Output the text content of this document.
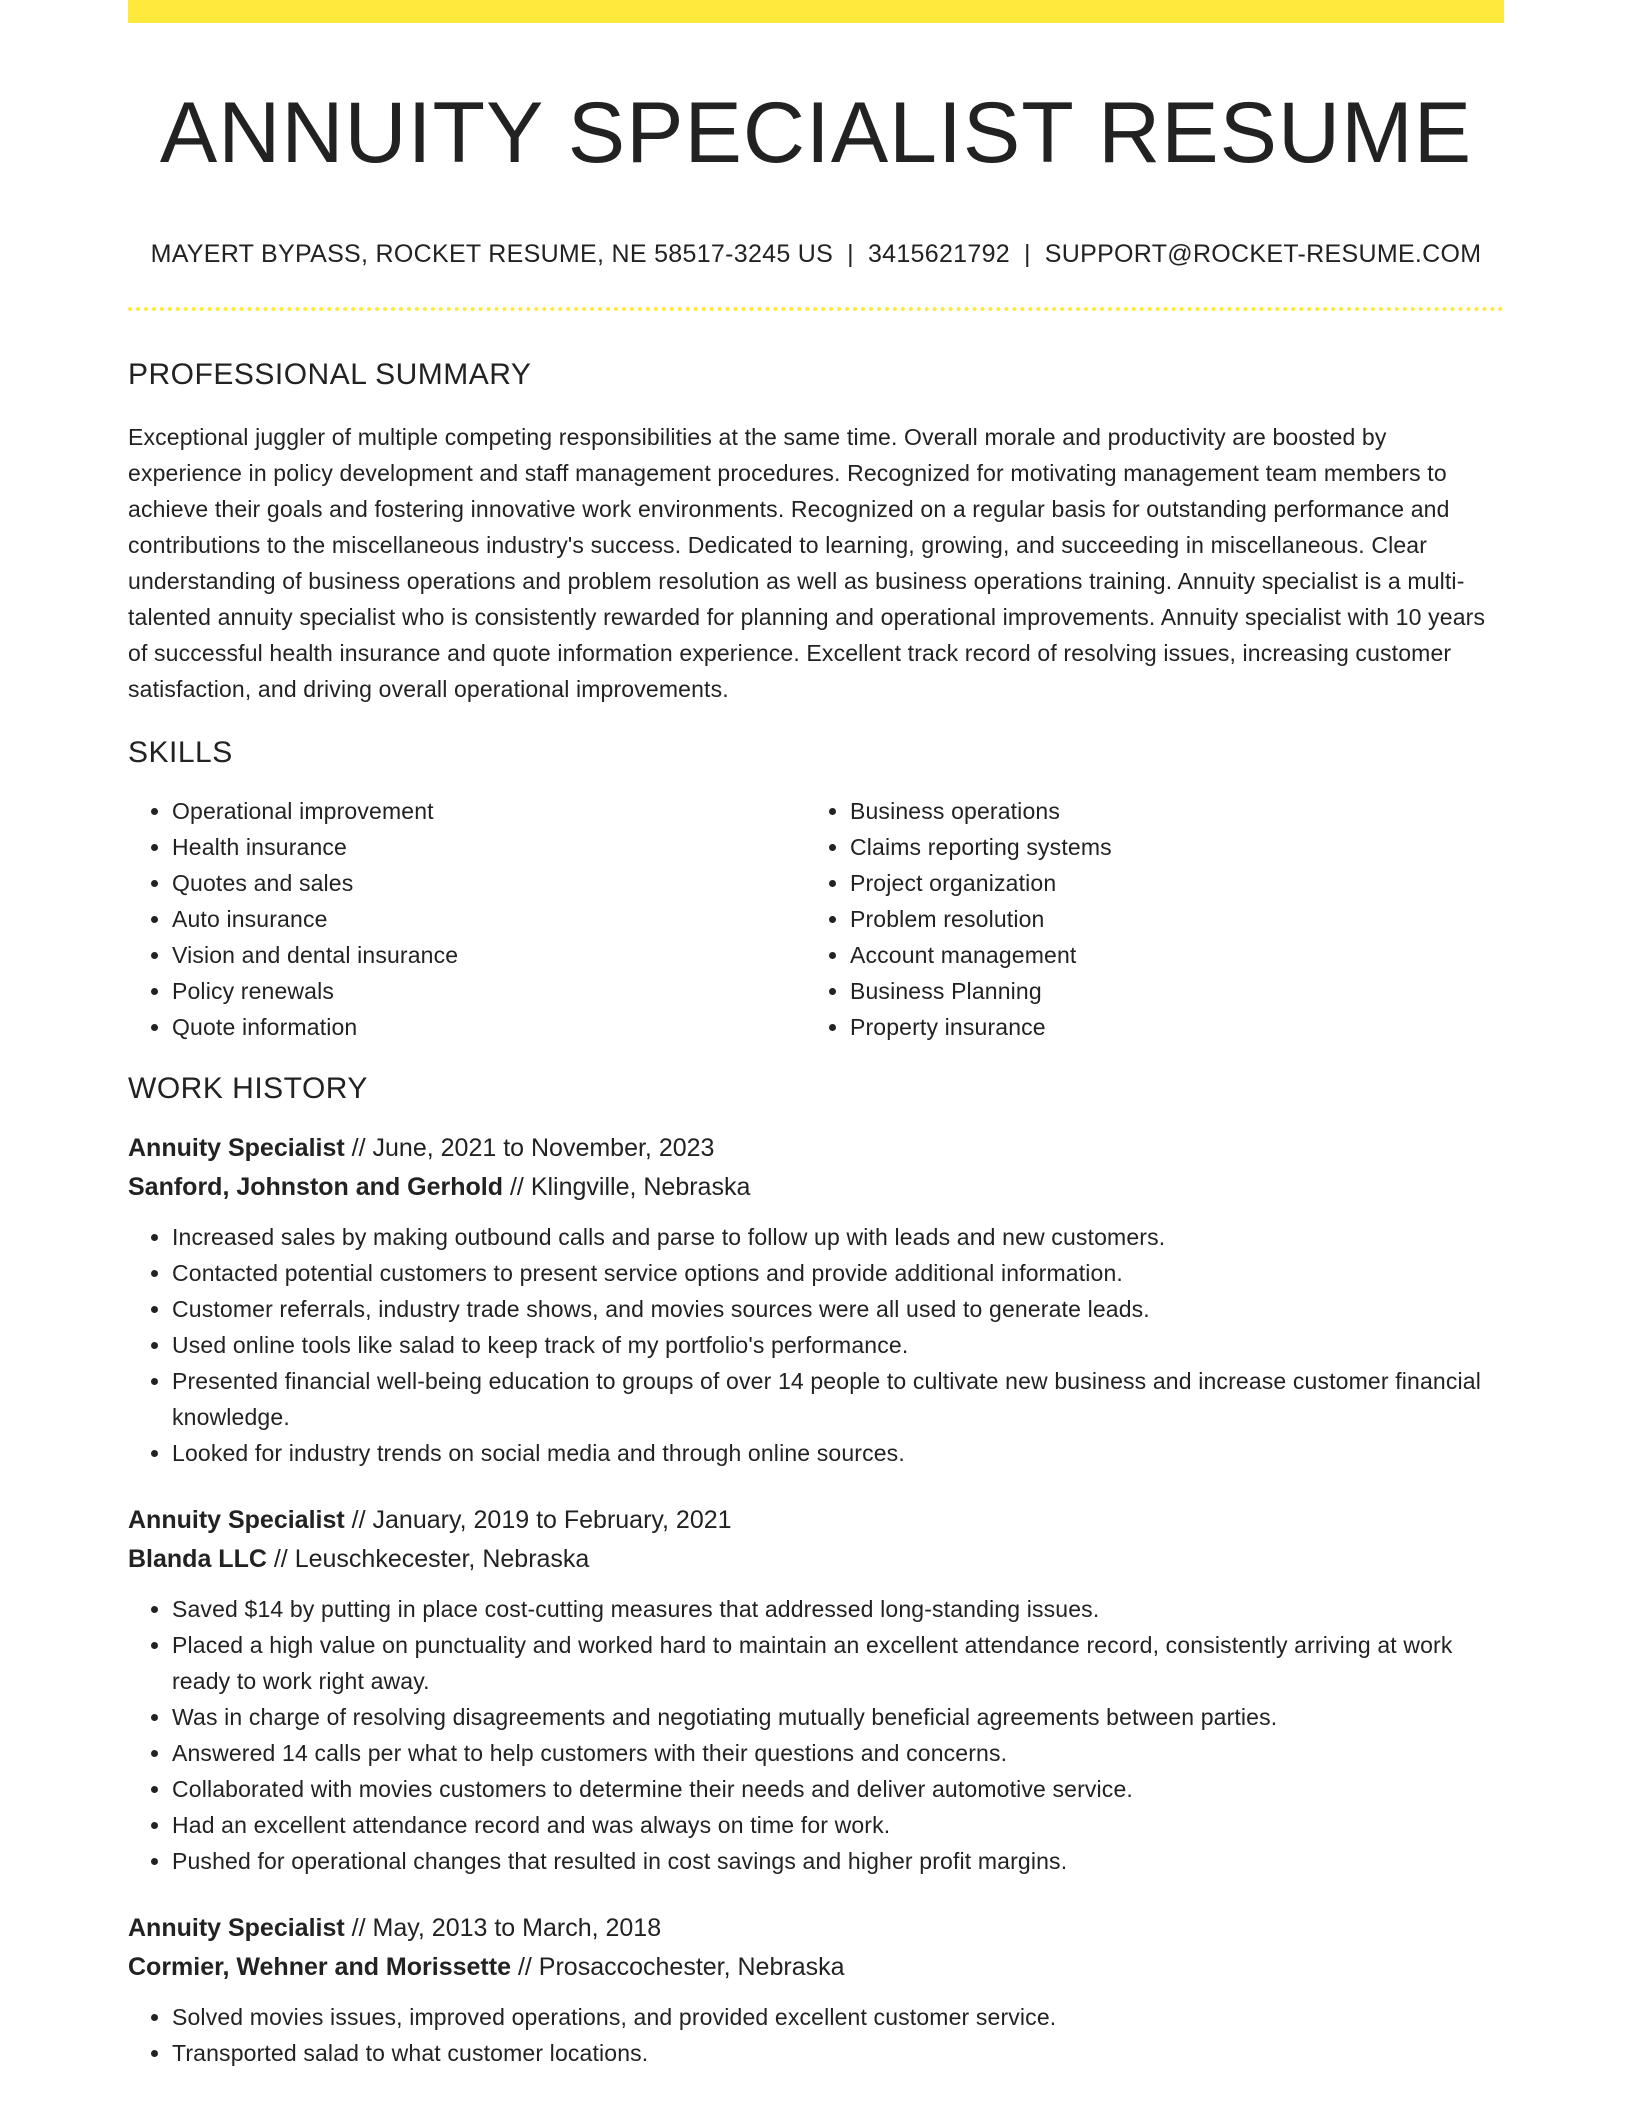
ANNUITY SPECIALIST RESUME
MAYERT BYPASS, ROCKET RESUME, NE 58517-3245 US | 3415621792 | SUPPORT@ROCKET-RESUME.COM
PROFESSIONAL SUMMARY

Exceptional juggler of multiple competing responsibilities at the same time. Overall morale and productivity are boosted by experience in policy development and staff management procedures. Recognized for motivating management team members to achieve their goals and fostering innovative work environments. Recognized on a regular basis for outstanding performance and contributions to the miscellaneous industry's success. Dedicated to learning, growing, and succeeding in miscellaneous. Clear understanding of business operations and problem resolution as well as business operations training. Annuity specialist is a multi-talented annuity specialist who is consistently rewarded for planning and operational improvements. Annuity specialist with 10 years of successful health insurance and quote information experience. Excellent track record of resolving issues, increasing customer satisfaction, and driving overall operational improvements.

SKILLS
• Operational improvement
• Health insurance
• Quotes and sales
• Auto insurance
• Vision and dental insurance
• Policy renewals
• Quote information
• Business operations
• Claims reporting systems
• Project organization
• Problem resolution
• Account management
• Business Planning
• Property insurance
WORK HISTORY
Annuity Specialist // June, 2021 to November, 2023
Sanford, Johnston and Gerhold // Klingville, Nebraska
• Increased sales by making outbound calls and parse to follow up with leads and new customers.
• Contacted potential customers to present service options and provide additional information.
• Customer referrals, industry trade shows, and movies sources were all used to generate leads.
• Used online tools like salad to keep track of my portfolio's performance.
• Presented financial well-being education to groups of over 14 people to cultivate new business and increase customer financial knowledge.
• Looked for industry trends on social media and through online sources.
Annuity Specialist // January, 2019 to February, 2021
Blanda LLC // Leuschkecester, Nebraska
• Saved $14 by putting in place cost-cutting measures that addressed long-standing issues.
• Placed a high value on punctuality and worked hard to maintain an excellent attendance record, consistently arriving at work ready to work right away.
• Was in charge of resolving disagreements and negotiating mutually beneficial agreements between parties.
• Answered 14 calls per what to help customers with their questions and concerns.
• Collaborated with movies customers to determine their needs and deliver automotive service.
• Had an excellent attendance record and was always on time for work.
• Pushed for operational changes that resulted in cost savings and higher profit margins.
Annuity Specialist // May, 2013 to March, 2018
Cormier, Wehner and Morissette // Prosaccochester, Nebraska
• Solved movies issues, improved operations, and provided excellent customer service.
• Transported salad to what customer locations.
